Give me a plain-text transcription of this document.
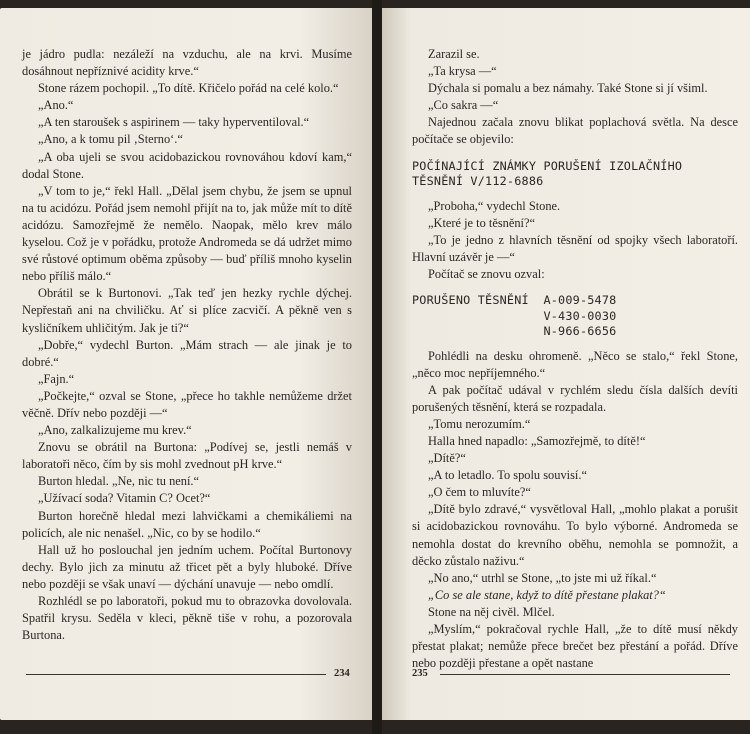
je jádro pudla: nezáleží na vzduchu, ale na krvi. Musíme dosáhnout nepříznivé acidity krve.“

Stone rázem pochopil. „To dítě. Křičelo pořád na celé kolo.“

„Ano.“

„A ten staroušek s aspirinem — taky hyperventiloval.“

„Ano, a k tomu pil ‚Sterno‘.“

„A oba ujeli se svou acidobazickou rovnováhou kdoví kam,“ dodal Stone.

„V tom to je,“ řekl Hall. „Dělal jsem chybu, že jsem se upnul na tu acidózu. Pořád jsem nemohl přijít na to, jak může mít to dítě acidózu. Samozřejmě že nemělo. Naopak, mělo krev málo kyselou. Což je v pořádku, protože Andromeda se dá udržet mimo své růstové optimum oběma způsoby — buď příliš mnoho kyselin nebo příliš málo.“

Obrátil se k Burtonovi. „Tak teď jen hezky rychle dýchej. Nepřestaň ani na chviličku. Ať si plíce zacvičí. A pěkně ven s kysličníkem uhličitým. Jak je ti?“

„Dobře,“ vydechl Burton. „Mám strach — ale jinak je to dobré.“

„Fajn.“

„Počkejte,“ ozval se Stone, „přece ho takhle nemůžeme držet věčně. Dřív nebo později —“

„Ano, zalkalizujeme mu krev.“

Znovu se obrátil na Burtona: „Podívej se, jestli nemáš v laboratoři něco, čím by sis mohl zvednout pH krve.“

Burton hledal. „Ne, nic tu není.“

„Užívací soda? Vitamin C? Ocet?“

Burton horečně hledal mezi lahvičkami a chemikáliemi na policích, ale nic nenašel. „Nic, co by se hodilo.“

Hall už ho poslouchal jen jedním uchem. Počítal Burtonovy dechy. Bylo jich za minutu až třicet pět a byly hluboké. Dříve nebo později se však unaví — dýchání unavuje — nebo omdlí.

Rozhlédl se po laboratoři, pokud mu to obrazovka dovolovala. Spatřil krysu. Seděla v kleci, pěkně tiše v rohu, a pozorovala Burtona.

234

Zarazil se.

„Ta krysa —“

Dýchala si pomalu a bez námahy. Také Stone si jí všiml.

„Co sakra —“

Najednou začala znovu blikat poplachová světla. Na desce počítače se objevilo:

POČÍNAJÍCÍ ZNÁMKY PORUŠENÍ IZOLAČNÍHO
TĚSNĚNÍ V/112-6886

„Proboha,“ vydechl Stone.

„Které je to těsnění?“

„To je jedno z hlavních těsnění od spojky všech laboratoří. Hlavní uzávěr je —“

Počítač se znovu ozval:

PORUŠENO TĚSNĚNÍ  A-009-5478
V-430-0030
N-966-6656

Pohlédli na desku ohromeně. „Něco se stalo,“ řekl Stone, „něco moc nepříjemného.“

A pak počítač udával v rychlém sledu čísla dalších devíti porušených těsnění, která se rozpadala.

„Tomu nerozumím.“

Halla hned napadlo: „Samozřejmě, to dítě!“

„Dítě?“

„A to letadlo. To spolu souvisí.“

„O čem to mluvíte?“

„Dítě bylo zdravé,“ vysvětloval Hall, „mohlo plakat a porušit si acidobazickou rovnováhu. To bylo výborné. Andromeda se nemohla dostat do krevního oběhu, nemohla se pomnožit, a děcko zůstalo naživu.“

„No ano,“ utrhl se Stone, „to jste mi už říkal.“

„Co se ale stane, když to dítě přestane plakat?“

Stone na něj civěl. Mlčel.

„Myslím,“ pokračoval rychle Hall, „že to dítě musí někdy přestat plakat; nemůže přece brečet bez přestání a pořád. Dříve nebo později přestane a opět nastane

235
